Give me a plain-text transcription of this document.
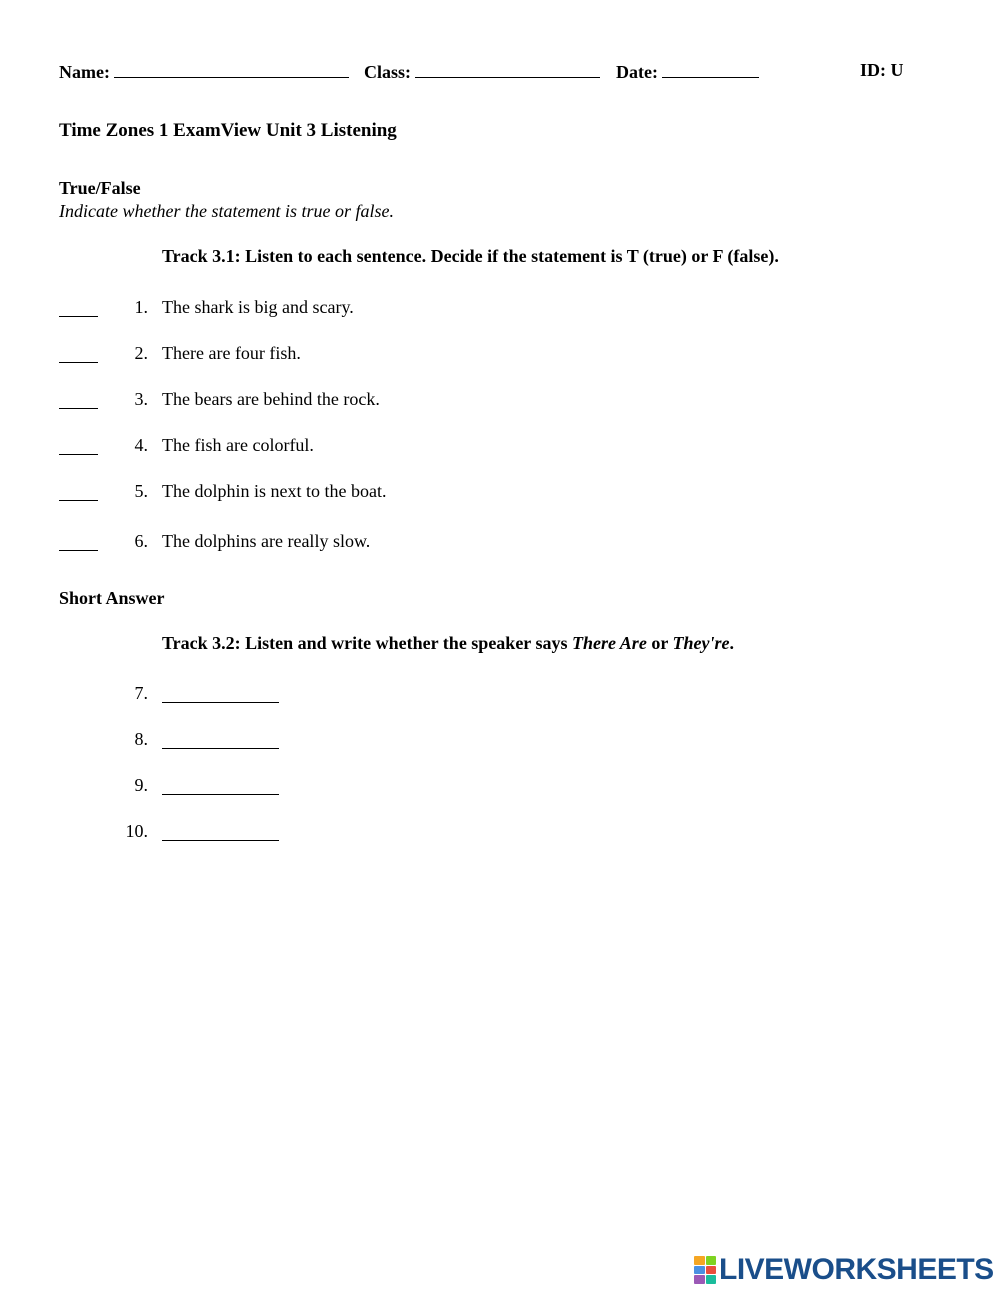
Name:	Class:	Date:	ID: U
Time Zones 1 ExamView Unit 3 Listening
True/False
Indicate whether the statement is true or false.
Track 3.1: Listen to each sentence. Decide if the statement is T (true) or F (false).
1. The shark is big and scary.
2. There are four fish.
3. The bears are behind the rock.
4. The fish are colorful.
5. The dolphin is next to the boat.
6. The dolphins are really slow.
Short Answer
Track 3.2: Listen and write whether the speaker says There Are or They're.
7.
8.
9.
10.
LIVEWORKSHEETS
